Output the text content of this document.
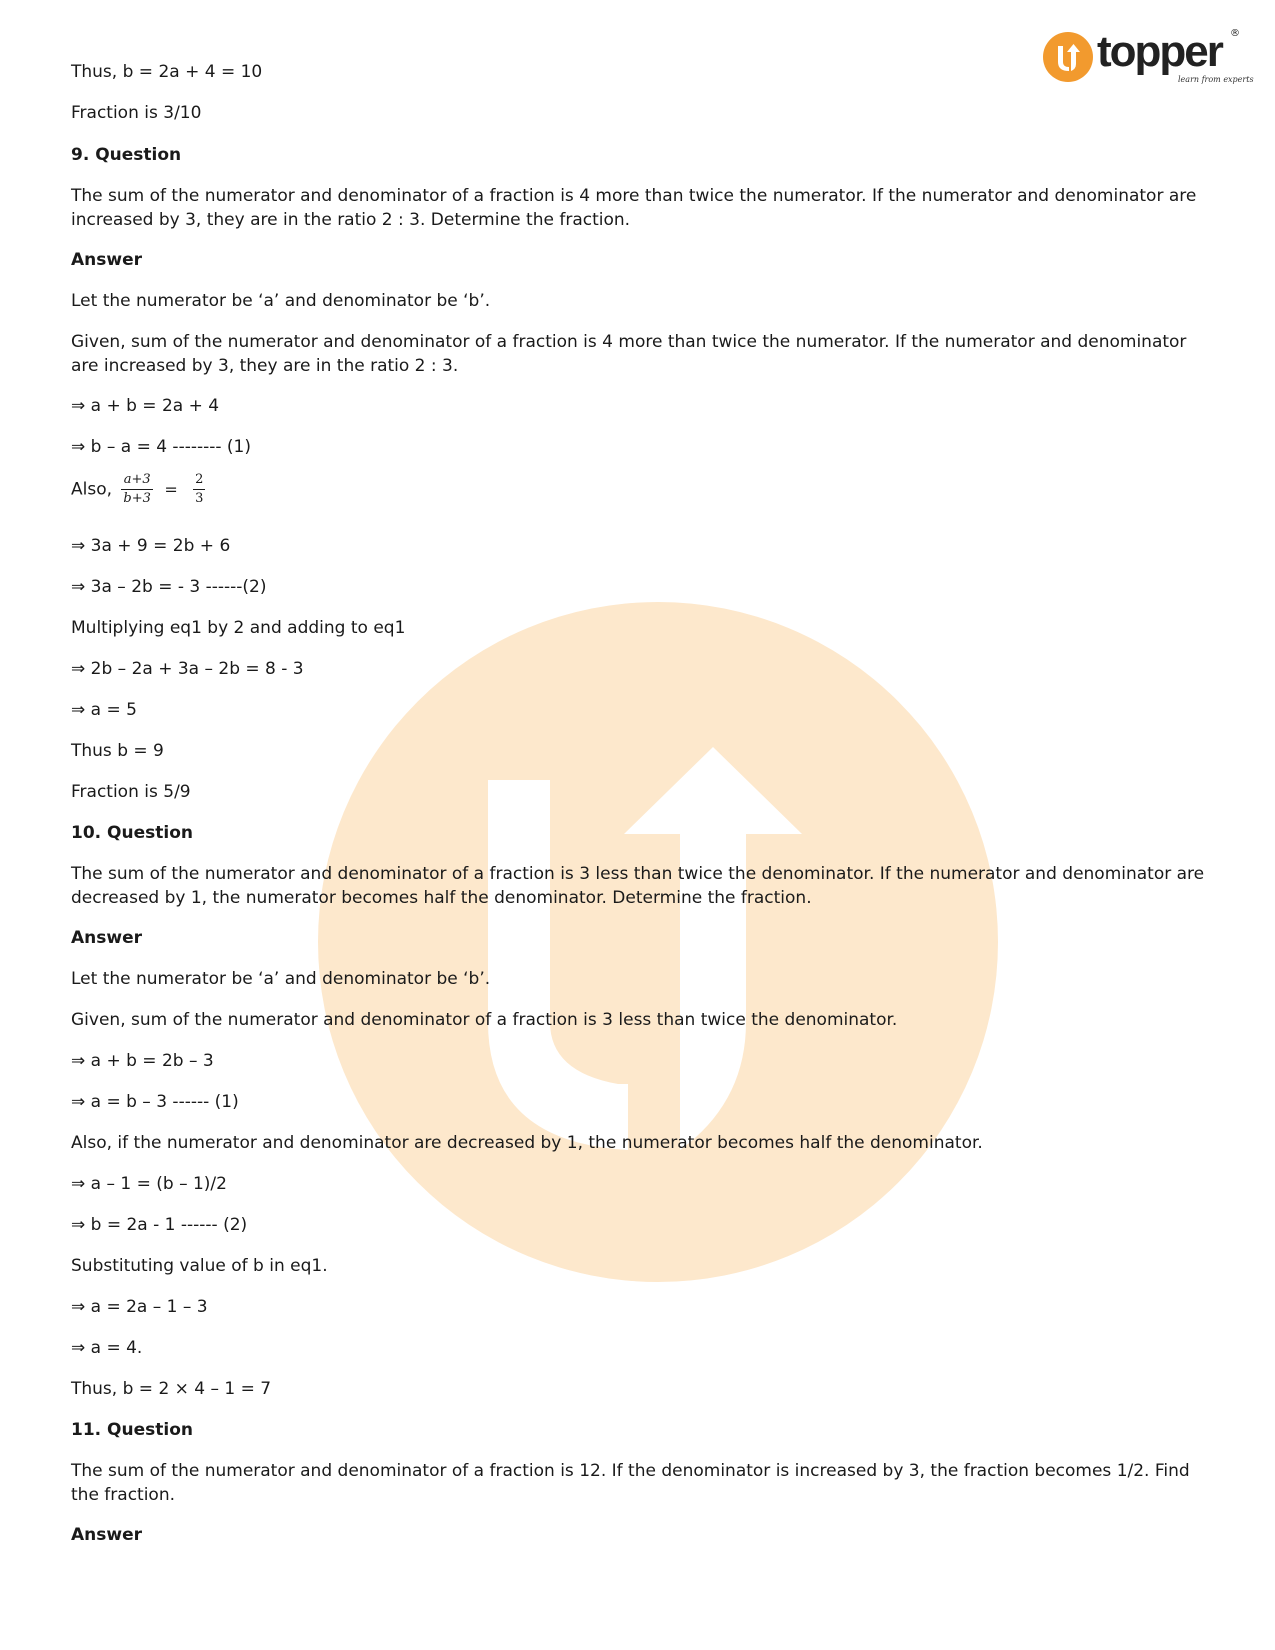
topper ®
learn from experts
Thus, b = 2a + 4 = 10
Fraction is 3/10
9. Question
The sum of the numerator and denominator of a fraction is 4 more than twice the numerator. If the numerator and denominator are increased by 3, they are in the ratio 2 : 3. Determine the fraction.
Answer
Let the numerator be ‘a’ and denominator be ‘b’.
Given, sum of the numerator and denominator of a fraction is 4 more than twice the numerator. If the numerator and denominator are increased by 3, they are in the ratio 2 : 3.
⇒ a + b = 2a + 4
⇒ b – a = 4 -------- (1)
Also, $\frac{a+3}{b+3} = \frac{2}{3}$
⇒ 3a + 9 = 2b + 6
⇒ 3a – 2b = - 3 ------(2)
Multiplying eq1 by 2 and adding to eq1
⇒ 2b – 2a + 3a – 2b = 8 - 3
⇒ a = 5
Thus b = 9
Fraction is 5/9
10. Question
The sum of the numerator and denominator of a fraction is 3 less than twice the denominator. If the numerator and denominator are decreased by 1, the numerator becomes half the denominator. Determine the fraction.
Answer
Let the numerator be ‘a’ and denominator be ‘b’.
Given, sum of the numerator and denominator of a fraction is 3 less than twice the denominator.
⇒ a + b = 2b – 3
⇒ a = b – 3 ------ (1)
Also, if the numerator and denominator are decreased by 1, the numerator becomes half the denominator.
⇒ a – 1 = (b – 1)/2
⇒ b = 2a - 1 ------ (2)
Substituting value of b in eq1.
⇒ a = 2a – 1 – 3
⇒ a = 4.
Thus, b = 2 × 4 – 1 = 7
11. Question
The sum of the numerator and denominator of a fraction is 12. If the denominator is increased by 3, the fraction becomes 1/2. Find the fraction.
Answer
